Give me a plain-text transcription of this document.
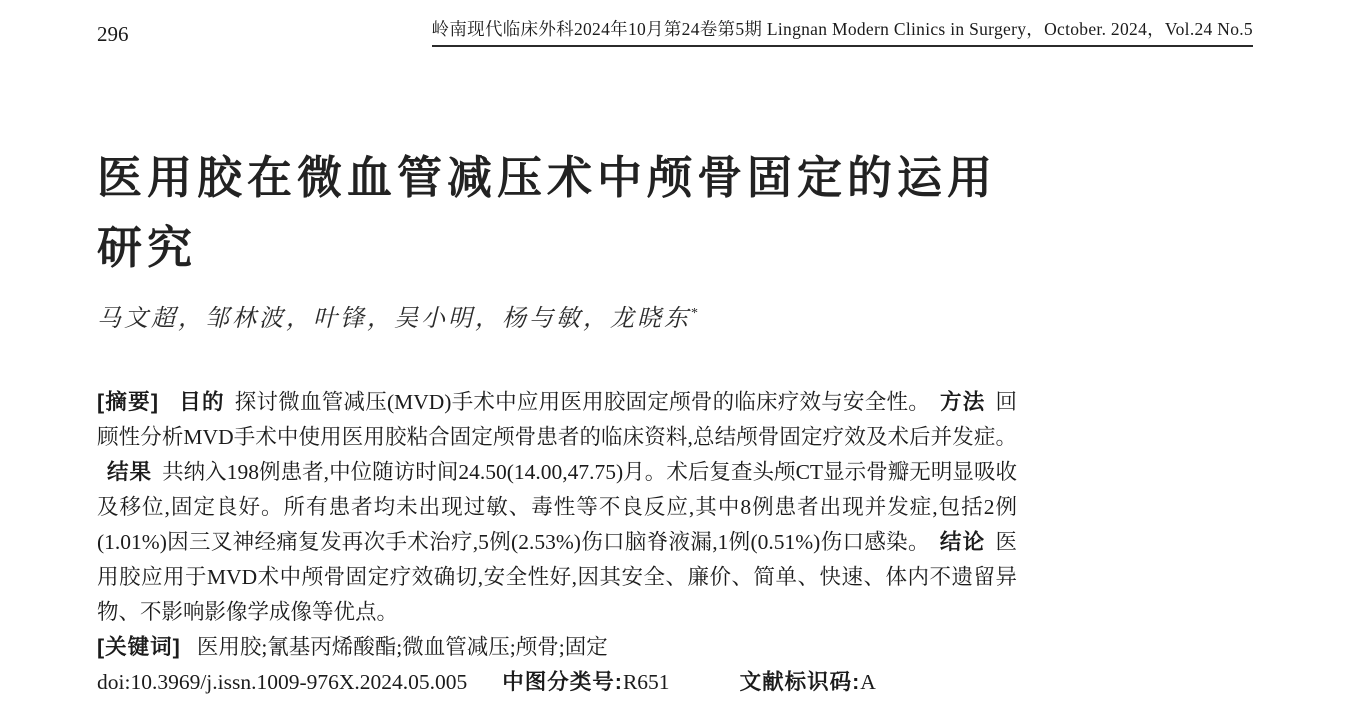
296	岭南现代临床外科2024年10月第24卷第5期 Lingnan Modern Clinics in Surgery，October. 2024，Vol.24 No.5
医用胶在微血管减压术中颅骨固定的运用研究

马文超，邹林波，叶锋，吴小明，杨与敏，龙晓东*

[摘要] 目的 探讨微血管减压(MVD)手术中应用医用胶固定颅骨的临床疗效与安全性。 方法 回顾性分析MVD手术中使用医用胶粘合固定颅骨患者的临床资料,总结颅骨固定疗效及术后并发症。结果 共纳入198例患者,中位随访时间24.50(14.00,47.75)月。术后复查头颅CT显示骨瓣无明显吸收及移位,固定良好。所有患者均未出现过敏、毒性等不良反应,其中8例患者出现并发症,包括2例(1.01%)因三叉神经痛复发再次手术治疗,5例(2.53%)伤口脑脊液漏,1例(0.51%)伤口感染。 结论 医用胶应用于MVD术中颅骨固定疗效确切,安全性好,因其安全、廉价、简单、快速、体内不遗留异物、不影响影像学成像等优点。

[关键词] 医用胶;氰基丙烯酸酯;微血管减压;颅骨;固定

doi:10.3969/j.issn.1009-976X.2024.05.005 中图分类号:R651	文献标识码:A
